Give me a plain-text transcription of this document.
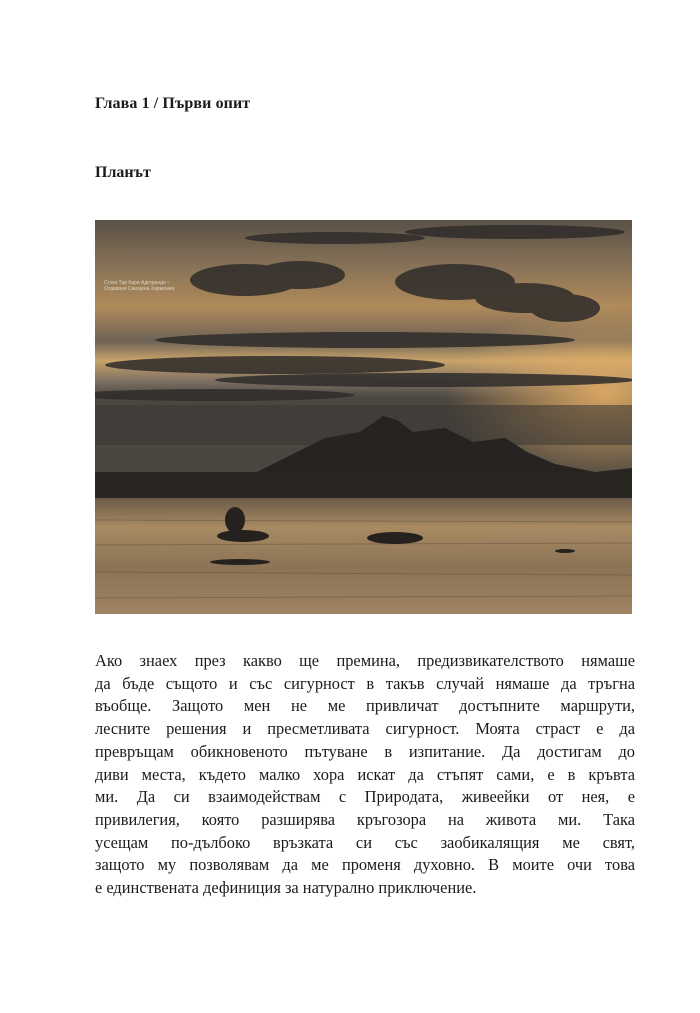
Глава 1 / Първи опит
Планът
Стига Тар Кари Адгорандо –
Отдаване Свещена Хармония
Ако знаех през какво ще премина, предизвикателството нямаше
да бъде същото и със сигурност в такъв случай нямаше да тръгна
въобще. Защото мен не ме привличат достъпните маршрути,
лесните решения и пресметливата сигурност. Моята страст е да
превръщам обикновеното пътуване в изпитание. Да достигам до
диви места, където малко хора искат да стъпят сами, е в кръвта
ми. Да си взаимодействам с Природата, живеейки от нея, е
привилегия, която разширява кръгозора на живота ми. Така
усещам по-дълбоко връзката си със заобикалящия ме свят,
защото му позволявам да ме променя духовно. В моите очи това
е единствената дефиниция за натурално приключение.
